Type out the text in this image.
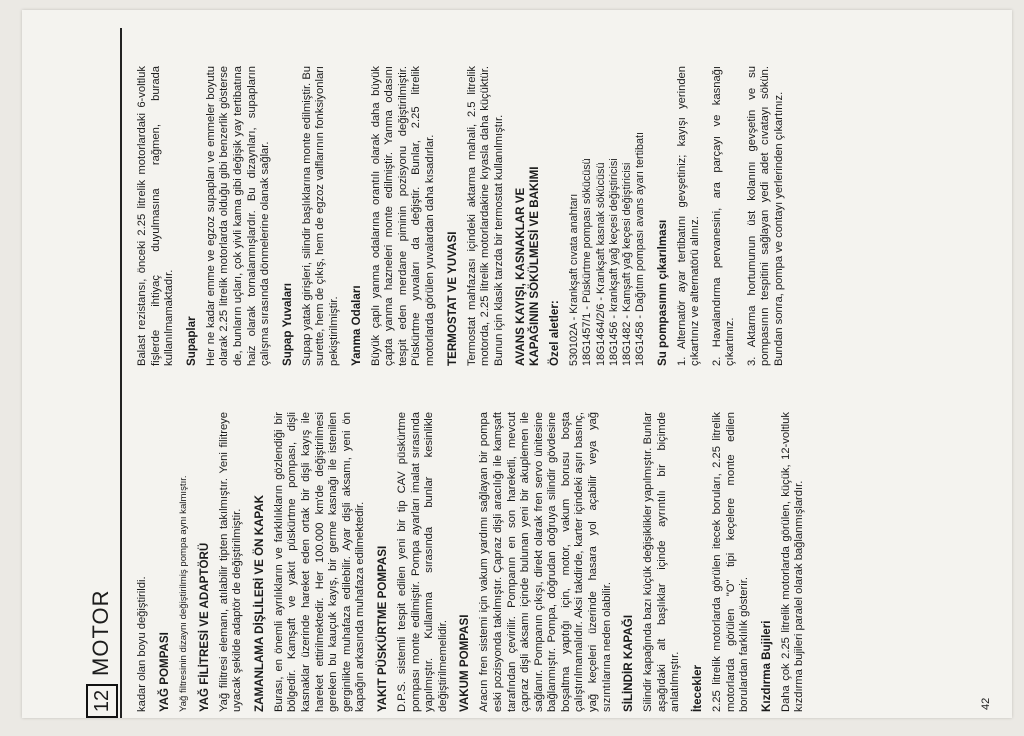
12
MOTOR kadar olan boyu değiştirildi. YAĞ POMPASI Yağ filtresinin dizaynı değiştirilmiş pompa aynı kalmıştır. YAĞ FİLİTRESİ VE ADAPTÖRÜ Yağ filitresi elemanı, atılabilir tipten takılmıştır. Yeni filitreye uyacak şekilde adaptör de değiştirilmiştir. ZAMANLAMA DİŞLİLERİ VE ÖN KAPAK Burası, en önemli ayrılıkların ve farklılıkların gözlendiği bir bölgedir. Kamşaft ve yakıt püskürtme pompası, dişli kasnaklar üzerinde hareket eden ortak bir dişli kayış ile hareket ettirilmektedir. Her 100.000 km'de değiştirilmesi gereken bu kauçuk kayış, bir germe kasnağı ile istenilen gerginlikte muhafaza edilebilir. Ayar dişli aksamı, yeni ön kapağın arkasında muhafaza edilmektedir. YAKIT PÜSKÜRTME POMPASI D.P.S. sistemli tespit edilen yeni bir tip CAV püskürtme pompası monte edilmiştir. Pompa ayarları imalat sırasında yapılmıştır. Kullanma sırasında bunlar kesinlikle değiştirilmemelidir. VAKUM POMPASI Aracın fren sistemi için vakum yardımı sağlayan bir pompa eski pozisyonda takılmıştır. Çapraz dişli aracılığı ile kamşaft tarafından çevirilir. Pompanın en son hareketli, mevcut çapraz dişli aksamı içinde bulunan yeni bir akuplemen ile sağlanır. Pompanın çıkışı, direkt olarak fren servo ünitesine bağlanmıştır. Pompa, doğrudan doğruya silindir gövdesine boşaltma yaptığı için, motor, vakum borusu boşta çalıştırılmamalıdır. Aksi takdirde, karter içindeki aşırı basınç, yağ keçeleri üzerinde hasara yol açabilir veya yağ sızıntılarına neden olabilir. SİLİNDİR KAPAĞI Silindir kapağında bazı küçük değişiklikler yapılmıştır. Bunlar aşağıdaki alt başlıklar içinde ayrıntılı bir biçimde anlatılmıştır. İtecekler 2.25 litrelik motorlarda görülen itecek boruları, 2.25 litrelik motorlarda görülen "O" tipi keçelere monte edilen borulardan farklılık gösterir. Kızdırma Bujileri Daha çok 2.25 litrelik motorlarda görülen, küçük, 12-voltluk kızdırma bujileri paralel olarak bağlanmışlardır.	42

Balast rezistansı, önceki 2.25 litrelik motorlardaki 6-voltluk fişlerde ihtiyaç duyulmasına rağmen, burada kullanılmamaktadır. Supaplar Her ne kadar emme ve egzoz supapları ve emmeler boyutu olarak 2.25 litrelik motorlarda olduğu gibi benzerlik gösterse de, bunların uçları, çok yivli kama gibi değişik yay tertibatına haiz olarak tornalanmışlardır. Bu dizaynları, supapların çalışma sırasında dönmelerine olanak sağlar. Supap Yuvaları Supap yatak girişleri, silindir başlıklarına monte edilmiştir. Bu surette, hem de çıkış, hem de egzoz valflarının fonksiyonları pekiştirilmiştir. Yanma Odaları Büyük çaplı yanma odalarına orantılı olarak daha büyük çapta yanma hazneleri monte edilmiştir. Yanma odasını tespit eden merdane piminin pozisyonu değiştirilmiştir. Püskürtme yuvaları da değiştir. Bunlar, 2.25 litrelik motorlarda görülen yuvalardan daha kısadırlar. TERMOSTAT VE YUVASI Termostat mahfazası içindeki aktarma mahali, 2.5 litrelik motorda, 2.25 litrelik motorlardakine kıyasla daha küçüktür. Bunun için klasik tarzda bir termostat kullanılmıştır. AVANS KAYIŞI, KASNAKLAR VE
KAPAĞININ SÖKÜLMESİ VE BAKIMI Özel aletler: 530102A - Krankşaft cıvata anahtarı 18G1457/1 - Püskürtme pompası sökücüsü 18G1464/2/6 - Krankşaft kasnak sökücüsü 18G1456 - krankşaft yağ keçesi değiştiricisi 18G1482 - Kamşaft yağ keçesi değiştiricisi 18G1458 - Dağıtım pompası avans ayarı tertibatı Su pompasının çıkarılması 1. Alternatör ayar tertibatını gevşetiniz; kayışı yerinden çıkartınız ve alternatörü alınız. 2. Havalandırma pervanesini, ara parçayı ve kasnağı çıkartınız. 3. Aktarma hortumunun üst kolanını gevşetin ve su pompasının tespitini sağlayan yedi adet cıvatayı sökün. Bundan sonra, pompa ve contayı yerlerinden çıkartınız.
